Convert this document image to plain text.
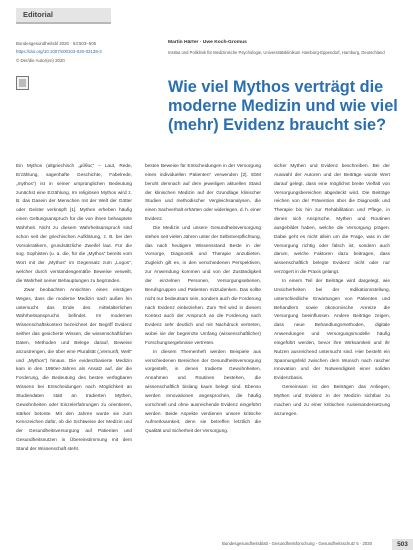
Editorial
Bundesgesundheitsbl 2020 · 63:503–505
https://doi.org/10.1007/s00103-020-03138-3
© Der/die Autor(en) 2020
Martin Härter · Uwe Koch-Gromus
Institut und Poliklinik für Medizinische Psychologie, Universitätsklinikum Hamburg-Eppendorf, Hamburg, Deutschland
Wie viel Mythos verträgt die moderne Medizin und wie viel (mehr) Evidenz braucht sie?

Ein Mythos (altgriechisch „μῦθος“ – Laut, Rede, Erzählung, sagenhafte Geschichte, Fabelrede, „mythos“) ist in seiner ursprünglichen Bedeutung zunächst eine Erzählung. Im religiösen Mythos wird z. B. das Dasein der Menschen mit der Welt der Götter oder Geister verknüpft [1]. Mythen erheben häufig einen Geltungsanspruch für die von ihnen behauptete Wahrheit. Nicht zu diesem Wahrheitsanspruch sind schon seit der griechischen Aufklärung, z. B. bei den Vorsokratikern, grundsätzliche Zweifel laut. Für die sog. Sophisten (u. a. die, für die „Mythos“ bereits vom Wort mit der „Mythos“ im Gegensatz zum „Logos“, welcher durch verstandesgemäße Beweise verweilt, die Wahrheit seiner Behauptungen zu begründen.

Zwar beobachten Ansichten eines einstigen Weges, dass die moderne Medizin nach außen hin untersucht das Ende des mittelalterlichen Wahrheitsanspruchs befindet. Im modernen Wissenschaftskontext bezeichnet der Begriff Evidenz seither das gesicherte Wissen, die wissenschaftlichen Daten, Methoden und Belege darauf, Beweise anzustrengen, die über eine Pluralität („Vernunft, Welt“ und „Mythos“) hinaus. Die evidenzbasierte Medizin kam in den 1990er-Jahren als Ansatz auf, der die Forderung, die Bedeutung des besten verfügbaren Wissens bei Entscheidungen nach Möglichkeit an Studiendaten statt an tradierten Mythen, Gewohnheiten oder Einzelerfahrungen zu orientieren, stärker betonte. Mit den Jahren wurde sie zum Kennzeichen dafür, ob die Sichtweise der Medizin und der Gesundheitsversorgung auf Patienten und Gesundheitsnutzen in Übereinstimmung mit dem Stand der Wissenschaft steht.

besten Beweise für Entscheidungen in der Versorgung eines individuellen Patienten“ verwenden [2]. EbM beruht demnach auf dem jeweiligen aktuellen Stand der klinischen Medizin auf der Grundlage klinischer Studien und methodischer Vergleichsanalysen, die einen Sachverhalt erhärten oder widerlegen, d. h. einer Evidenz.

Die Medizin und unsere Gesundheitsversorgung stehen seit vielen Jahren unter der Selbstverpflichtung, das nach heutigem Wissensstand Beste in der Vorsorge, Diagnostik und Therapie anzubieten. Zugleich gilt es, in den verschiedenen Perspektiven, zur Anwendung kommen und von der Zuständigkeit der einzelnen Personen, Versorgungsebenen, Berufsgruppen und Patienten mitzudenken. Das sollte nicht nur bedeutsam sein, sondern auch die Forderung nach Evidenz einbeziehen. Zum Teil wird in diesem Kontext auch der Anspruch an die Forderung nach Evidenz sehr deutlich und mit Nachdruck vertreten, wobei sie der begrenzte Umfang (wissenschaftlicher) Forschungsergebnisse vertreten.

In diesem Themenheft werden Beispiele aus verschiedenen Bereichen der Gesundheitsversorgung vorgestellt, in denen tradierte Gewohnheiten, Annahmen und Routinen bestehen, die wissenschaftlich bislang kaum belegt sind. Ebenso werden Innovationen angesprochen, die häufig vorschnell und ohne ausreichende Evidenz eingeführt werden. Beide Aspekte verdienen unsere kritische Aufmerksamkeit, denn sie betreffen letztlich die Qualität und Sicherheit der Versorgung.

sicher Mythen und Evidenz beschreiben. Bei der Auswahl der Autoren und der Beiträge wurde Wert darauf gelegt, dass eine möglichst breite Vielfalt von Versorgungsbereichen abgedeckt wird. Die Beiträge reichen von der Prävention über die Diagnostik und Therapie bis hin zur Rehabilitation und Pflege, in denen sich Ansprüche, Mythen und Routinen ausgebildet haben, welche die Versorgung prägen. Dabei geht es nicht allein um die Frage, was in der Versorgung richtig oder falsch ist, sondern auch darum, welche Faktoren dazu beitragen, dass wissenschaftlich belegte Evidenz nicht oder nur verzögert in die Praxis gelangt.

In einem Teil der Beiträge wird dargelegt, wie Unsicherheiten bei der Indikationsstellung, unterschiedliche Erwartungen von Patienten und Behandlern sowie ökonomische Anreize die Versorgung beeinflussen. Andere Beiträge zeigen, dass neue Behandlungsmethoden, digitale Anwendungen und Versorgungsmodelle häufig eingeführt werden, bevor ihre Wirksamkeit und ihr Nutzen ausreichend untersucht sind. Hier besteht ein Spannungsfeld zwischen dem Wunsch nach rascher Innovation und der Notwendigkeit einer soliden Evidenzbasis.

Gemeinsam ist den Beiträgen das Anliegen, Mythen und Evidenz in der Medizin sichtbar zu machen und zu einer kritischen Auseinandersetzung anzuregen.

Bundesgesundheitsblatt - Gesundheitsforschung - Gesundheitsschutz 5 · 2020	503
